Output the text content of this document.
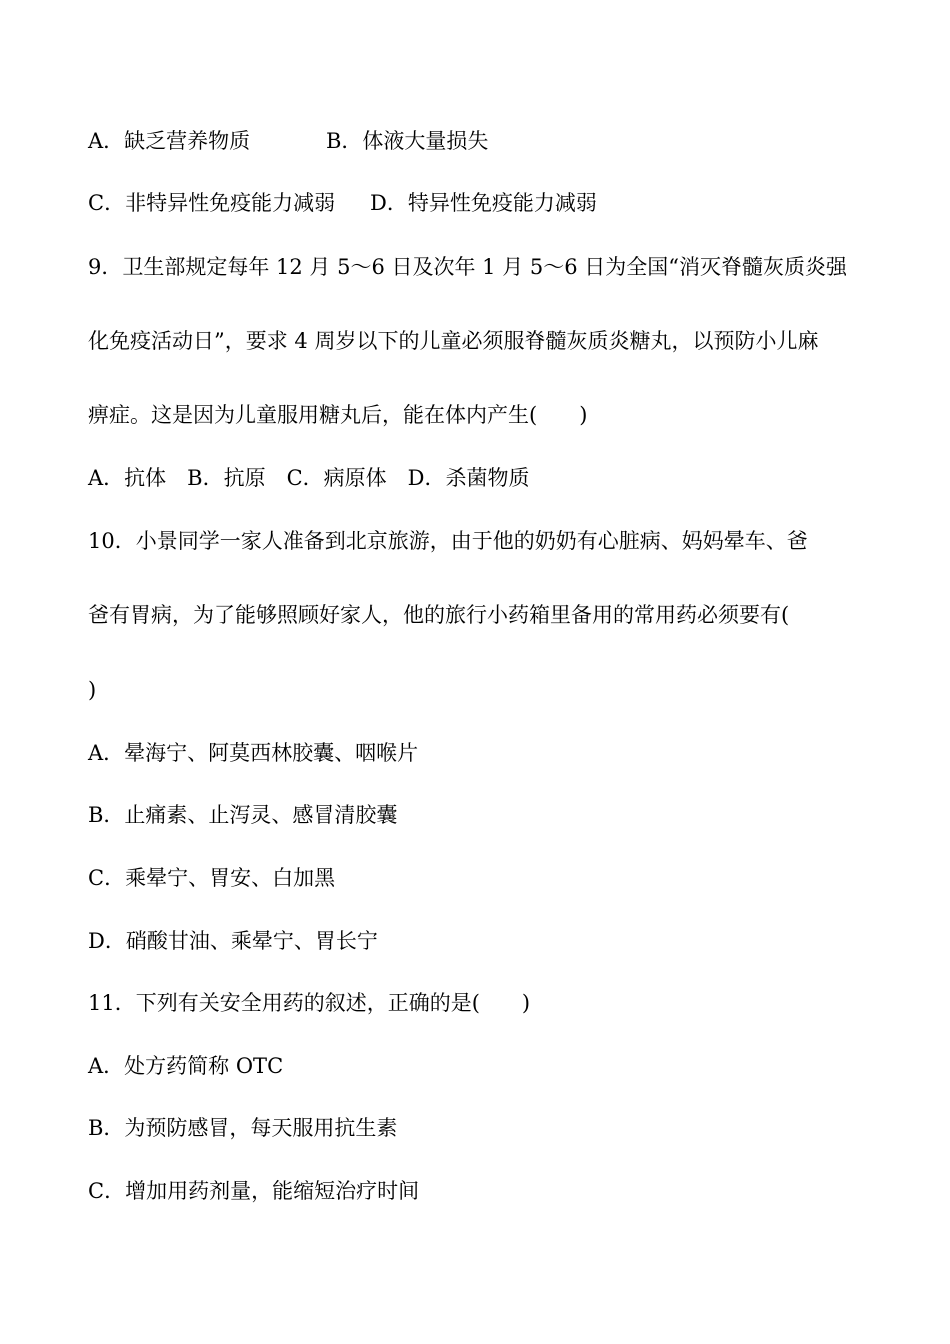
A．缺乏营养物质	B．体液大量损失
C．非特异性免疫能力减弱 D．特异性免疫能力减弱
9．卫生部规定每年 12 月 5～6 日及次年 1 月 5～6 日为全国“消灭脊髓灰质炎强
化免疫活动日”，要求 4 周岁以下的儿童必须服脊髓灰质炎糖丸，以预防小儿麻
痹症。这是因为儿童服用糖丸后，能在体内产生(　　)
A．抗体　B．抗原　C．病原体　D．杀菌物质
10．小景同学一家人准备到北京旅游，由于他的奶奶有心脏病、妈妈晕车、爸
爸有胃病，为了能够照顾好家人，他的旅行小药箱里备用的常用药必须要有(
)
A．晕海宁、阿莫西林胶囊、咽喉片
B．止痛素、止泻灵、感冒清胶囊
C．乘晕宁、胃安、白加黑
D．硝酸甘油、乘晕宁、胃长宁
11．下列有关安全用药的叙述，正确的是(　　)
A．处方药简称 OTC
B．为预防感冒，每天服用抗生素
C．增加用药剂量，能缩短治疗时间
